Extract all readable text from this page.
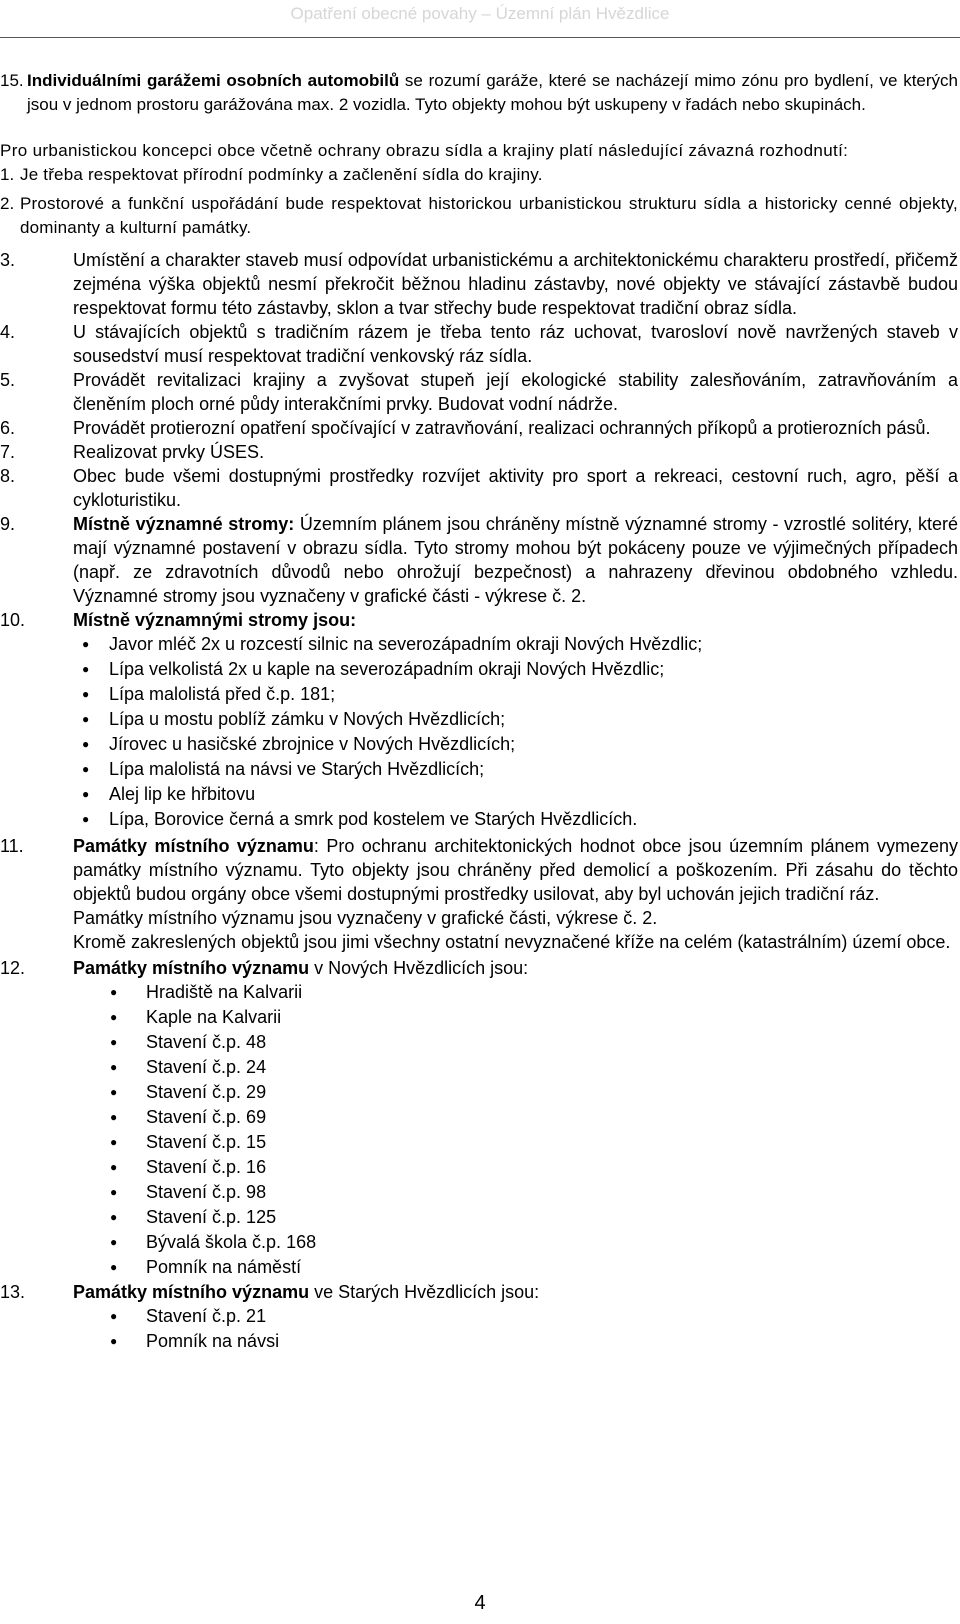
Opatření obecné povahy – Územní plán Hvězdlice
15. Individuálními garážemi osobních automobilů se rozumí garáže, které se nacházejí mimo zónu pro bydlení, ve kterých jsou v jednom prostoru garážována max. 2 vozidla. Tyto objekty mohou být uskupeny v řadách nebo skupinách.

Pro urbanistickou koncepci obce včetně ochrany obrazu sídla a krajiny platí následující závazná rozhodnutí:

1. Je třeba respektovat přírodní podmínky a začlenění sídla do krajiny.
2. Prostorové a funkční uspořádání bude respektovat historickou urbanistickou strukturu sídla a historicky cenné objekty, dominanty a kulturní památky.
3.	Umístění a charakter staveb musí odpovídat urbanistickému a architektonickému charakteru prostředí, přičemž zejména výška objektů nesmí překročit běžnou hladinu zástavby, nové objekty ve stávající zástavbě budou respektovat formu této zástavby, sklon a tvar střechy bude respektovat tradiční obraz sídla.
4.	U stávajících objektů s tradičním rázem je třeba tento ráz uchovat, tvarosloví nově navržených staveb v sousedství musí respektovat tradiční venkovský ráz sídla.
5.	Provádět revitalizaci krajiny a zvyšovat stupeň její ekologické stability zalesňováním, zatravňováním a členěním ploch orné půdy interakčními prvky. Budovat vodní nádrže.
6.	Provádět protierozní opatření spočívající v zatravňování, realizaci ochranných příkopů a protierozních pásů.
7.	Realizovat prvky ÚSES.
8.	Obec bude všemi dostupnými prostředky rozvíjet aktivity pro sport a rekreaci, cestovní ruch, agro, pěší a cykloturistiku.
9.	Místně významné stromy: Územním plánem jsou chráněny místně významné stromy - vzrostlé solitéry, které mají významné postavení v obrazu sídla. Tyto stromy mohou být pokáceny pouze ve výjimečných případech (např. ze zdravotních důvodů nebo ohrožují bezpečnost) a nahrazeny dřevinou obdobného vzhledu. Významné stromy jsou vyznačeny v grafické části - výkrese č. 2.
10.	Místně významnými stromy jsou:
●	Javor mléč 2x u rozcestí silnic na severozápadním okraji Nových Hvězdlic;
●	Lípa velkolistá 2x u kaple na severozápadním okraji Nových Hvězdlic;
●	Lípa malolistá před č.p. 181;
●	Lípa u mostu poblíž zámku v Nových Hvězdlicích;
●	Jírovec u hasičské zbrojnice v Nových Hvězdlicích;
●	Lípa malolistá na návsi ve Starých Hvězdlicích;
●	Alej lip ke hřbitovu
●	Lípa, Borovice černá a smrk pod kostelem ve Starých Hvězdlicích.
11.	Památky místního významu: Pro ochranu architektonických hodnot obce jsou územním plánem vymezeny památky místního významu. Tyto objekty jsou chráněny před demolicí a poškozením. Při zásahu do těchto objektů budou orgány obce všemi dostupnými prostředky usilovat, aby byl uchován jejich tradiční ráz.

Památky místního významu jsou vyznačeny v grafické části, výkrese č. 2.

Kromě zakreslených objektů jsou jimi všechny ostatní nevyznačené kříže na celém (katastrálním) území obce.

12.	Památky místního významu v Nových Hvězdlicích jsou:
●	Hradiště na Kalvarii
●	Kaple na Kalvarii
●	Stavení č.p. 48
●	Stavení č.p. 24
●	Stavení č.p. 29
●	Stavení č.p. 69
●	Stavení č.p. 15
●	Stavení č.p. 16
●	Stavení č.p. 98
●	Stavení č.p. 125
●	Bývalá škola č.p. 168
●	Pomník na náměstí
13.	Památky místního významu ve Starých Hvězdlicích jsou:
●	Stavení č.p. 21
●	Pomník na návsi
4
